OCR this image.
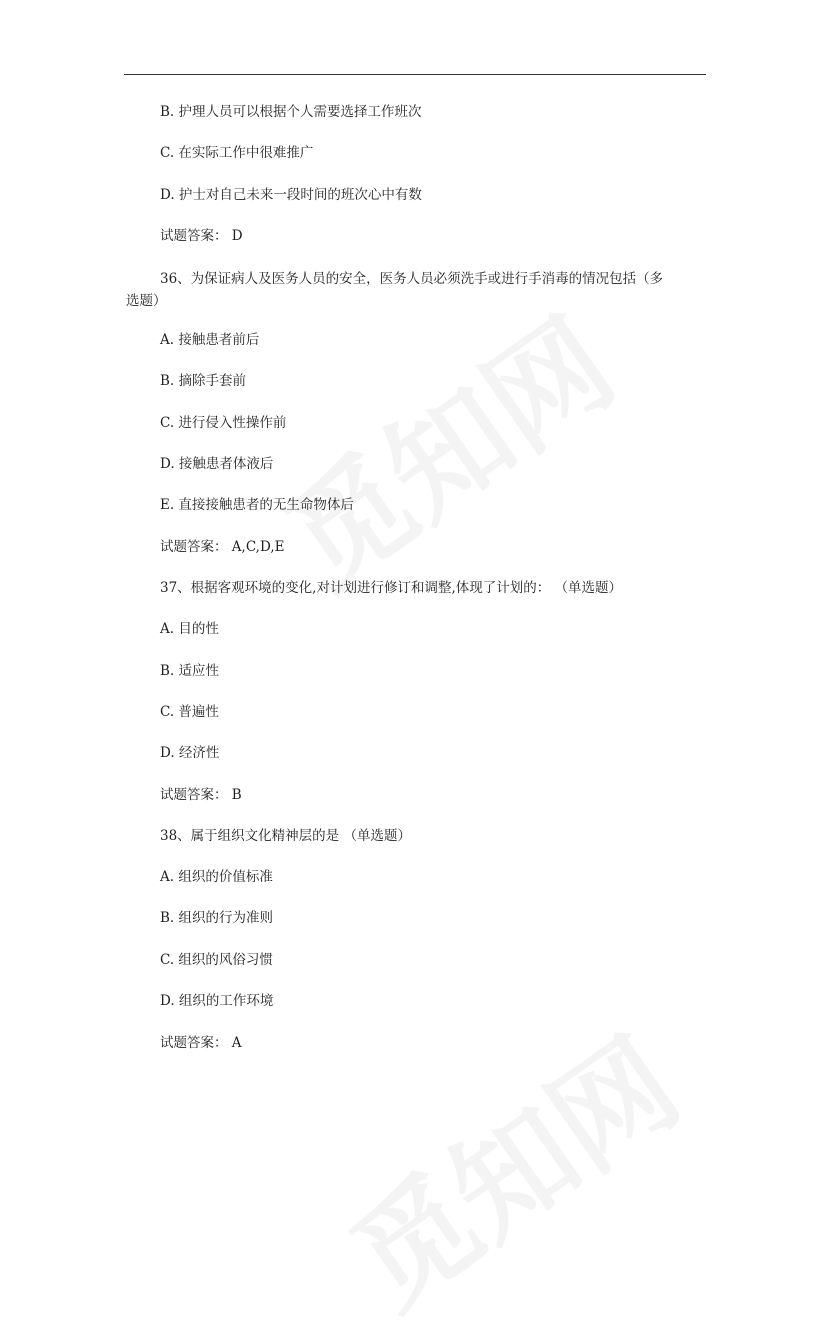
B. 护理人员可以根据个人需要选择工作班次
C. 在实际工作中很难推广
D. 护士对自己未来一段时间的班次心中有数
试题答案： D
36、为保证病人及医务人员的安全，医务人员必须洗手或进行手消毒的情况包括（多
选题）
A. 接触患者前后
B. 摘除手套前
C. 进行侵入性操作前
D. 接触患者体液后
E. 直接接触患者的无生命物体后
试题答案： A,C,D,E
37、根据客观环境的变化,对计划进行修订和调整,体现了计划的： （单选题）
A. 目的性
B. 适应性
C. 普遍性
D. 经济性
试题答案： B
38、属于组织文化精神层的是 （单选题）
A. 组织的价值标准
B. 组织的行为准则
C. 组织的风俗习惯
D. 组织的工作环境
试题答案： A
